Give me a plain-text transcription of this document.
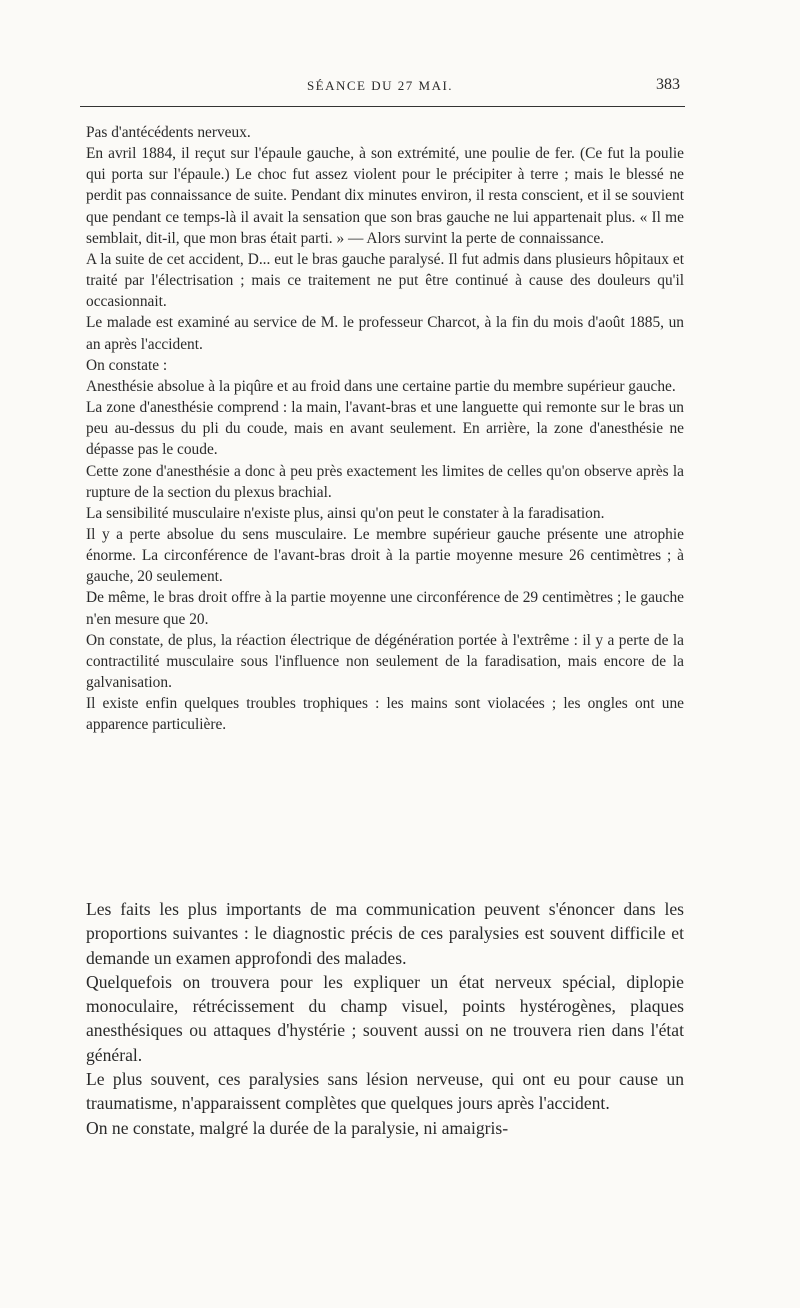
SÉANCE DU 27 MAI.	383

Pas d'antécédents nerveux.

En avril 1884, il reçut sur l'épaule gauche, à son extrémité, une poulie de fer. (Ce fut la poulie qui porta sur l'épaule.) Le choc fut assez violent pour le précipiter à terre ; mais le blessé ne perdit pas connaissance de suite. Pendant dix minutes environ, il resta conscient, et il se souvient que pendant ce temps-là il avait la sensation que son bras gauche ne lui appartenait plus. « Il me semblait, dit-il, que mon bras était parti. » — Alors survint la perte de connaissance.

A la suite de cet accident, D... eut le bras gauche paralysé. Il fut admis dans plusieurs hôpitaux et traité par l'électrisation ; mais ce traitement ne put être continué à cause des douleurs qu'il occasionnait.

Le malade est examiné au service de M. le professeur Charcot, à la fin du mois d'août 1885, un an après l'accident.

On constate :

Anesthésie absolue à la piqûre et au froid dans une certaine partie du membre supérieur gauche.

La zone d'anesthésie comprend : la main, l'avant-bras et une languette qui remonte sur le bras un peu au-dessus du pli du coude, mais en avant seulement. En arrière, la zone d'anesthésie ne dépasse pas le coude.

Cette zone d'anesthésie a donc à peu près exactement les limites de celles qu'on observe après la rupture de la section du plexus brachial.

La sensibilité musculaire n'existe plus, ainsi qu'on peut le constater à la faradisation.

Il y a perte absolue du sens musculaire. Le membre supérieur gauche présente une atrophie énorme. La circonférence de l'avant-bras droit à la partie moyenne mesure 26 centimètres ; à gauche, 20 seulement.

De même, le bras droit offre à la partie moyenne une circonférence de 29 centimètres ; le gauche n'en mesure que 20.

On constate, de plus, la réaction électrique de dégénération portée à l'extrême : il y a perte de la contractilité musculaire sous l'influence non seulement de la faradisation, mais encore de la galvanisation.

Il existe enfin quelques troubles trophiques : les mains sont violacées ; les ongles ont une apparence particulière.

Les faits les plus importants de ma communication peuvent s'énoncer dans les proportions suivantes : le diagnostic précis de ces paralysies est souvent difficile et demande un examen approfondi des malades.

Quelquefois on trouvera pour les expliquer un état nerveux spécial, diplopie monoculaire, rétrécissement du champ visuel, points hystérogènes, plaques anesthésiques ou attaques d'hystérie ; souvent aussi on ne trouvera rien dans l'état général.

Le plus souvent, ces paralysies sans lésion nerveuse, qui ont eu pour cause un traumatisme, n'apparaissent complètes que quelques jours après l'accident.

On ne constate, malgré la durée de la paralysie, ni amaigris-
